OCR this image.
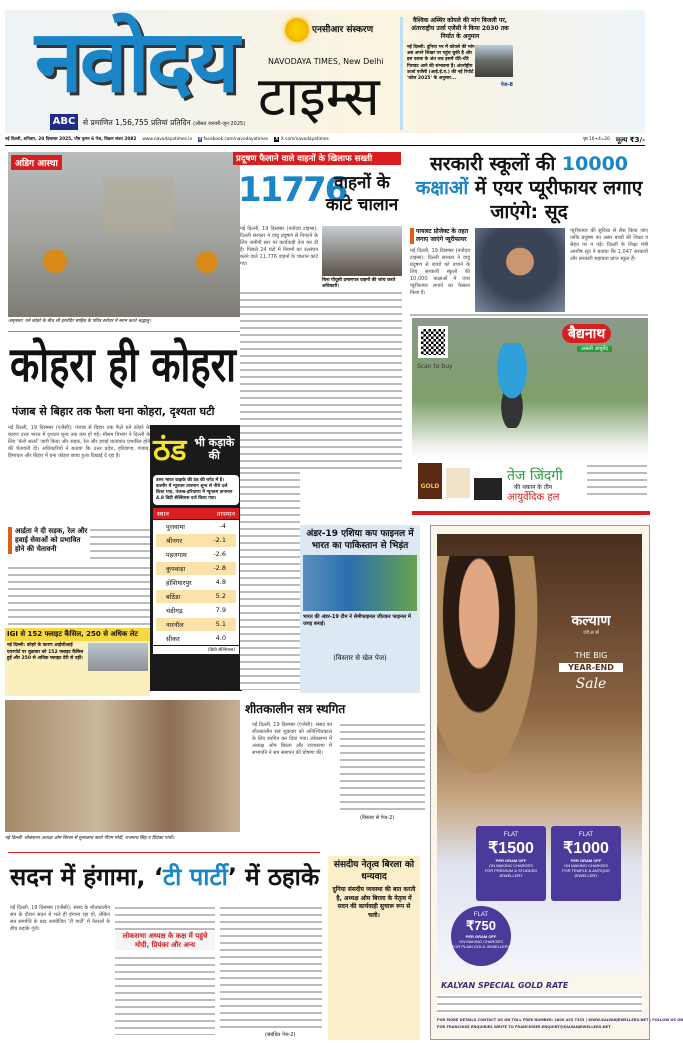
नवोदय	एनसीआर संस्करण
NAVODAYA TIMES, New Delhi
टाइम्स
ABC	से प्रमाणित 1,56,755 प्रतियां प्रतिदिन (औसत जनवरी-जून 2025)
वैश्विक अस्थिर कोयले की मांग बिजली पर, अंतरराष्ट्रीय उर्जा एजेंसी ने किया 2030 तक निर्यात के अनुमान
नई दिल्ली: दुनिया भर में कोयले की मांग अब अपने शिखर पर पहुंच चुकी है और इस दशक के अंत तक इसमें धीरे-धीरे गिरावट आने की संभावना है। अंतर्राष्ट्रीय ऊर्जा एजेंसी (आई.ई.ए.) की नई रिपोर्ट 'कोल 2025' के अनुसार...
पेज-8
नई दिल्ली, शनिवार, 20 दिसम्बर 2025, पौष कृष्ण 6 पेज, विक्रम संवत 2082 www.navodayatimes.in f facebook.com/navodayatimes X X.com/navodayatimes	पृष्ठ 16+4=20 मूल्य ₹3/-
अडिग आस्था
अमृतसर: घने कोहरे के बीच श्री हरमंदिर साहिब के पवित्र सरोवर में स्नान करते श्रद्धालु।
कोहरा ही कोहरा
पंजाब से बिहार तक फैला घना कोहरा, दृश्यता घटी
नई दिल्ली, 19 दिसम्बर (एजेंसी): पंजाब से बिहार तक फैले घने कोहरे के कारण उत्तर भारत में दृश्यता शून्य तक कम हो गई। मौसम विभाग ने दिल्ली के लिए 'येलो अलर्ट' जारी किया और सड़क, रेल और हवाई यातायात प्रभावित होने की चेतावनी दी। अधिकारियों ने बताया कि उत्तर प्रदेश, हरियाणा, पंजाब, हिमाचल और बिहार में घना कोहरा छाया हुआ दिखाई दे रहा है।
आर्द्रता ने दी सड़क, रेल और हवाई सेवाओं को प्रभावित होने की चेतावनी
ठंड भी कड़ाके की
उत्तर भारत कड़ाके की ठंड की चपेट में है। कश्मीर में न्यूनतम तापमान शून्य से नीचे दर्ज किया गया, पंजाब-हरियाणा में न्यूनतम तापमान 4.8 डिग्री सेल्सियस दर्ज किया गया।
स्थान	तापमान
पुलवामा	-4
श्रीनगर	-2.1
पहलगाम	-2.6
कुपवाड़ा	-2.8
होशियारपुर	4.8
बठिंडा	5.2
चंडीगढ़	7.9
नारनौल	5.1
सीकर	4.0
(डिग्री सेल्सियस)
IGI से 152 फ्लाइट कैंसिल, 250 से अधिक लेट
नई दिल्ली: कोहरे के कारण आईजीआई एयरपोर्ट पर शुक्रवार को 152 फ्लाइट कैंसिल हुईं और 250 से अधिक फ्लाइट देरी से उड़ीं।
नई दिल्ली: लोकसभा अध्यक्ष ओम बिरला से मुलाकात करते पीएम मोदी, राजनाथ सिंह व प्रियंका गांधी।
प्रदूषण फैलाने वाले वाहनों के खिलाफ सख्ती
11776
वाहनों के काटे चालान
नई दिल्ली, 19 दिसम्बर (नवोदय टाइम्स): दिल्ली सरकार ने वायु प्रदूषण से निपटने के लिए जमीनी स्तर पर कार्यवाही तेज कर दी है। पिछले 24 घंटों में नियमों का उल्लंघन करने वाले 11,776 वाहनों के चालान काटे गए।
बिना पीयूसी प्रमाणपत्र वाहनों की जांच करते अधिकारी।
सरकारी स्कूलों की 10000 कक्षाओं में एयर प्यूरीफायर लगाए जाएंगे: सूद
पायलट प्रोजेक्ट के तहत लगाए जाएंगे प्यूरीफायर
नई दिल्ली, 19 दिसम्बर (नवोदय टाइम्स): दिल्ली सरकार ने वायु प्रदूषण से बच्चों को बचाने के लिए सरकारी स्कूलों की 10,000 कक्षाओं में एयर प्यूरीफायर लगाने का फैसला किया है।
प्यूरीफायर की सुविधा से लैस किया जाए ताकि प्रदूषण का असर बच्चों की शिक्षा व सेहत पर न पड़े। दिल्ली के शिक्षा मंत्री आशीष सूद ने बताया कि 1,047 सरकारी और सरकारी सहायता प्राप्त स्कूल हैं।
Scan to buy
बैद्यनाथ
असली आयुर्वेद
GOLD
तेज जिंदगी
की थकान के तीन
आयुर्वेदिक हल
अंडर-19 एशिया कप फाइनल में भारत का पाकिस्तान से भिड़ंत
भारत की अंडर-19 टीम ने सेमीफाइनल जीतकर फाइनल में जगह बनाई।
(विस्तार से खेल पेज)
शीतकालीन सत्र स्थगित
नई दिल्ली, 19 दिसम्बर (एजेंसी): संसद का शीतकालीन सत्र शुक्रवार को अनिश्चितकाल के लिए स्थगित कर दिया गया। लोकसभा में अध्यक्ष ओम बिरला और राज्यसभा में सभापति ने सत्र समापन की घोषणा की।
(विस्तार से पेज-2)
सदन में हंगामा, ‘टी पार्टी’ में ठहाके
नई दिल्ली, 19 दिसम्बर (एजेंसी): संसद के शीतकालीन सत्र के दौरान सदन में भले ही हंगामा रहा हो, लेकिन सत्र समाप्ति के बाद आयोजित 'टी पार्टी' में नेताओं के बीच ठहाके गूंजे।
लोकसभा अध्यक्ष के कक्ष में पहुंचे मोदी, प्रियंका और अन्य
(संबंधित पेज-2)
संसदीय नेतृत्व बिरला को धन्यवाद
दुनिया संसदीय व्यवस्था की बात करती है, अध्यक्ष ओम बिरला के नेतृत्व में सदन की कार्यवाही सुचारू रूप से चली।
कल्याण
ज्वे ल र्स
THE BIG
YEAR-END
Sale
FLAT
₹750
PER GRAM OFF
ON MAKING CHARGES
FOR PLAIN GOLD JEWELLERY
FLAT
₹1500
PER GRAM OFF
ON MAKING CHARGES
FOR PREMIUM & STUDDED JEWELLERY
FLAT
₹1000
PER GRAM OFF
ON MAKING CHARGES
FOR TEMPLE & ANTIQUE JEWELLERY
KALYAN SPECIAL GOLD RATE
FOR MORE DETAILS CONTACT US ON TOLL FREE NUMBER: 1800 425 7333 | WWW.KALYANJEWELLERS.NET | FOLLOW US ON
FOR FRANCHISE ENQUIRIES WRITE TO FRANCHISEE.ENQUIRY@KALYANJEWELLERS.NET
